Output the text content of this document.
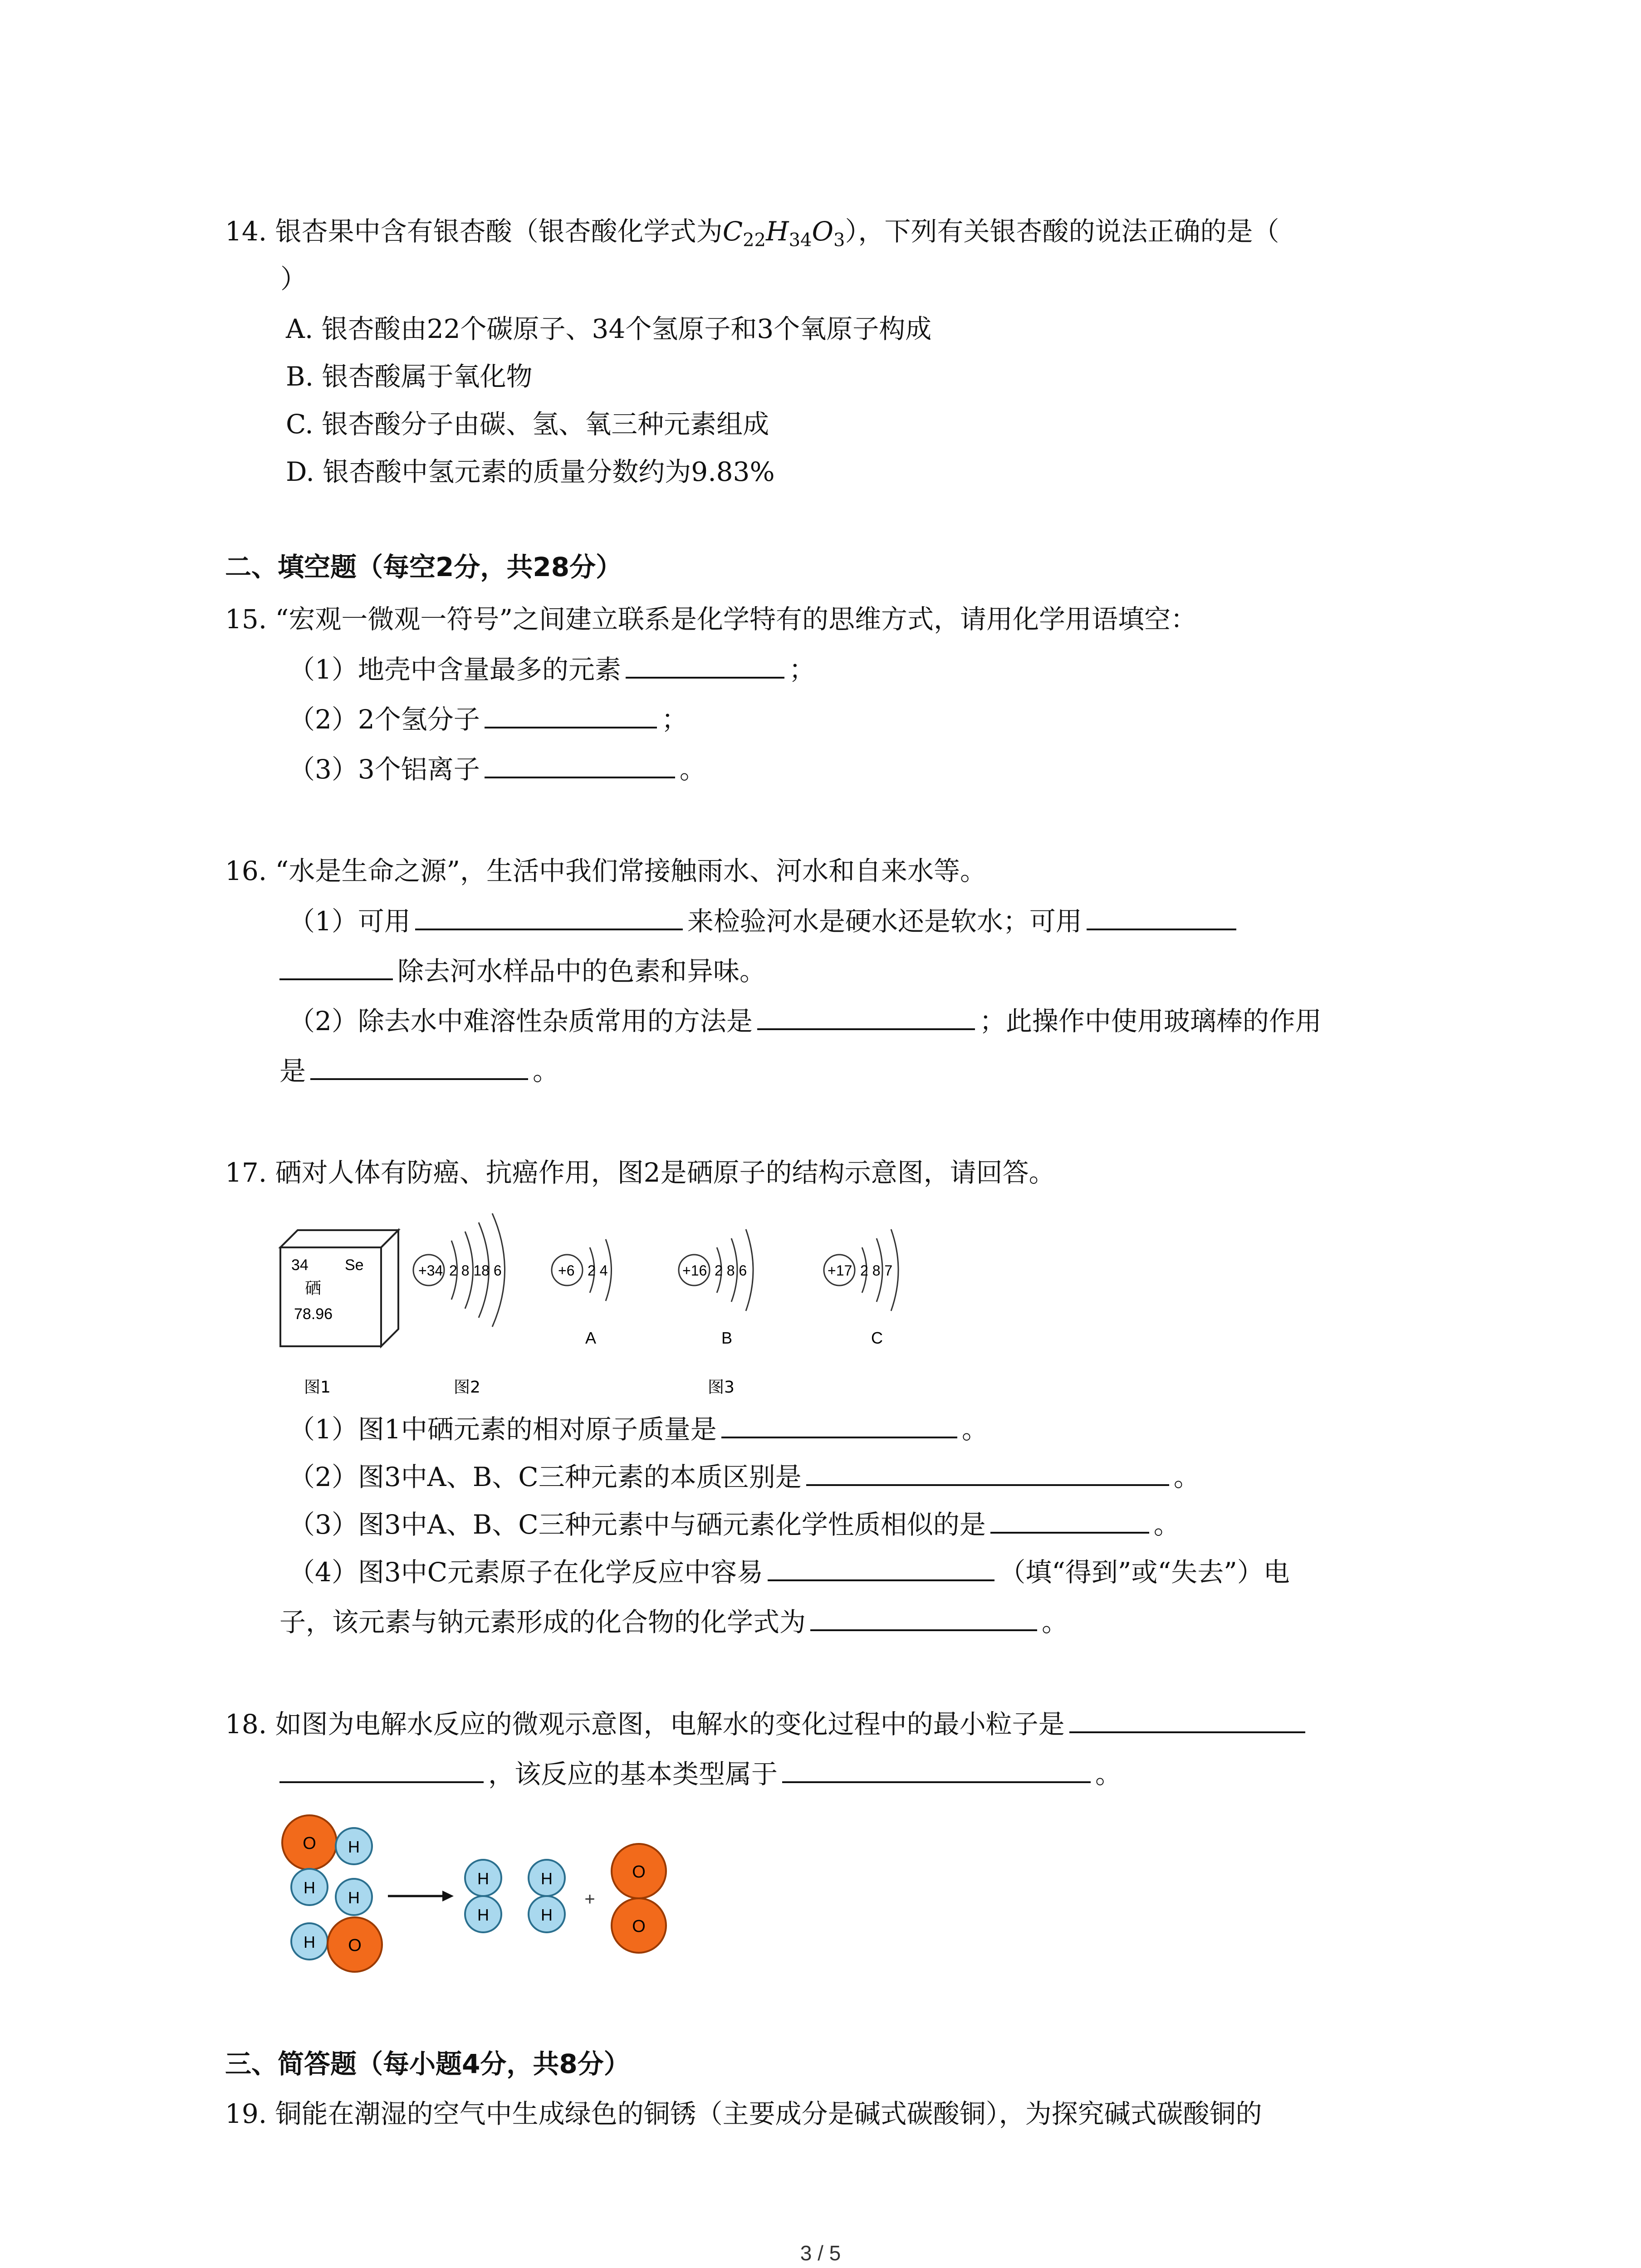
14. 银杏果中含有银杏酸（银杏酸化学式为$C_{22}H_{34}O_3$），下列有关银杏酸的说法正确的是（
）
A. 银杏酸由22个碳原子、34个氢原子和3个氧原子构成
B. 银杏酸属于氧化物
C. 银杏酸分子由碳、氢、氧三种元素组成
D. 银杏酸中氢元素的质量分数约为9.83%
二、填空题（每空2分，共28分）
15. “宏观一微观一符号”之间建立联系是化学特有的思维方式，请用化学用语填空：
（1）地壳中含量最多的元素	；
（2）2个氢分子	；
（3）3个铝离子	。
16. “水是生命之源”，生活中我们常接触雨水、河水和自来水等。
（1）可用	来检验河水是硬水还是软水；可用
除去河水样品中的色素和异味。
（2）除去水中难溶性杂质常用的方法是	；此操作中使用玻璃棒的作用
是	。
17. 硒对人体有防癌、抗癌作用，图2是硒原子的结构示意图，请回答。
34 Se
硒
78.96
+34 2 8 18 6	+6 2 4
A
+16 2 8 6
B
+17 2 8 7
C
图1	图2	图3
（1）图1中硒元素的相对原子质量是	。
（2）图3中A、B、C三种元素的本质区别是	。
（3）图3中A、B、C三种元素中与硒元素化学性质相似的是	。
（4）图3中C元素原子在化学反应中容易	（填“得到”或“失去”）电
子，该元素与钠元素形成的化合物的化学式为	。
18. 如图为电解水反应的微观示意图，电解水的变化过程中的最小粒子是
，该反应的基本类型属于	。
O H
H
H
H O
H
H
H
H
+
O
O
三、简答题（每小题4分，共8分）
19. 铜能在潮湿的空气中生成绿色的铜锈（主要成分是碱式碳酸铜），为探究碱式碳酸铜的
3 / 5
